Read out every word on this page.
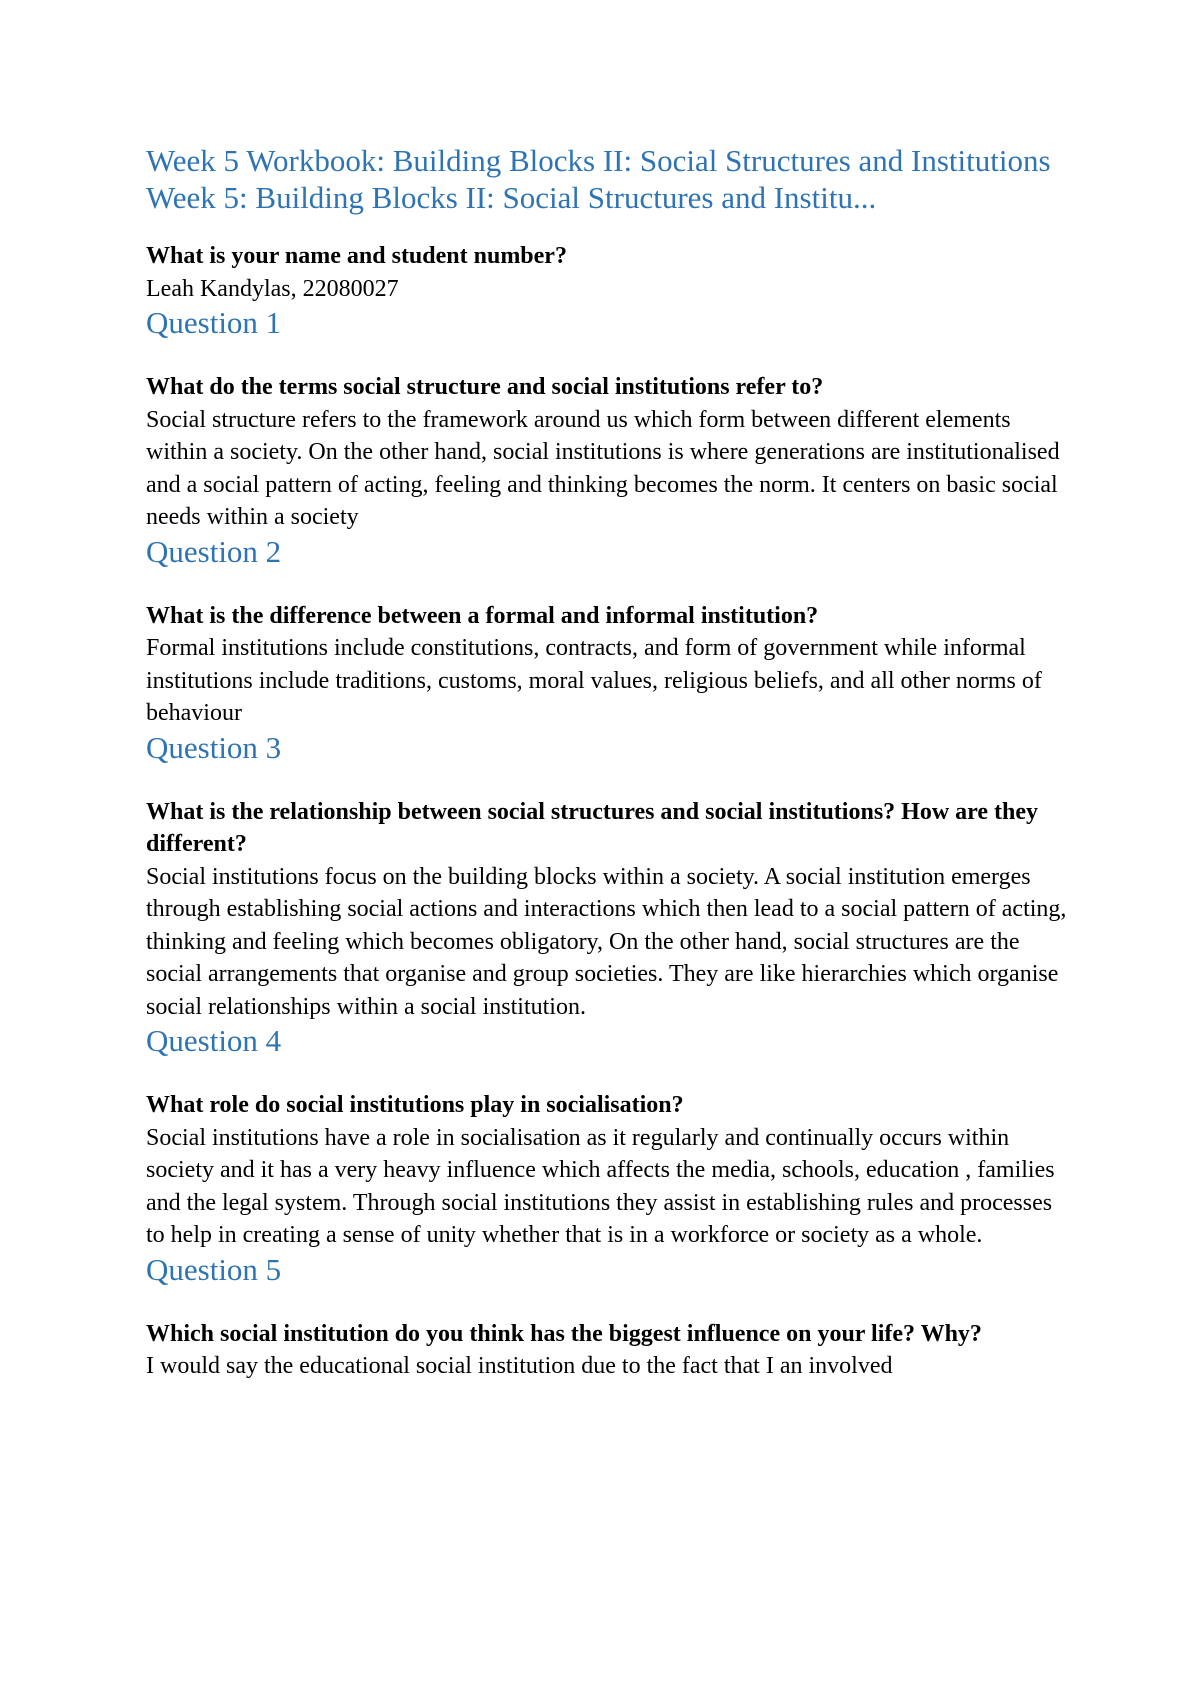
Week 5 Workbook: Building Blocks II: Social Structures and Institutions
Week 5: Building Blocks II: Social Structures and Institu...

What is your name and student number?

Leah Kandylas, 22080027

Question 1

What do the terms social structure and social institutions refer to?

Social structure refers to the framework around us which form between different elements within a society. On the other hand, social institutions is where generations are institutionalised and a social pattern of acting, feeling and thinking becomes the norm. It centers on basic social needs within a society

Question 2

What is the difference between a formal and informal institution?

Formal institutions include constitutions, contracts, and form of government while informal institutions include traditions, customs, moral values, religious beliefs, and all other norms of behaviour

Question 3

What is the relationship between social structures and social institutions? How are they different?

Social institutions focus on the building blocks within a society. A social institution emerges through establishing social actions and interactions which then lead to a social pattern of acting, thinking and feeling which becomes obligatory, On the other hand, social structures are the social arrangements that organise and group societies. They are like hierarchies which organise social relationships within a social institution.

Question 4

What role do social institutions play in socialisation?

Social institutions have a role in socialisation as it regularly and continually occurs within society and it has a very heavy influence which affects the media, schools, education , families and the legal system. Through social institutions they assist in establishing rules and processes to help in creating a sense of unity whether that is in a workforce or society as a whole.

Question 5

Which social institution do you think has the biggest influence on your life? Why?

I would say the educational social institution due to the fact that I an involved
